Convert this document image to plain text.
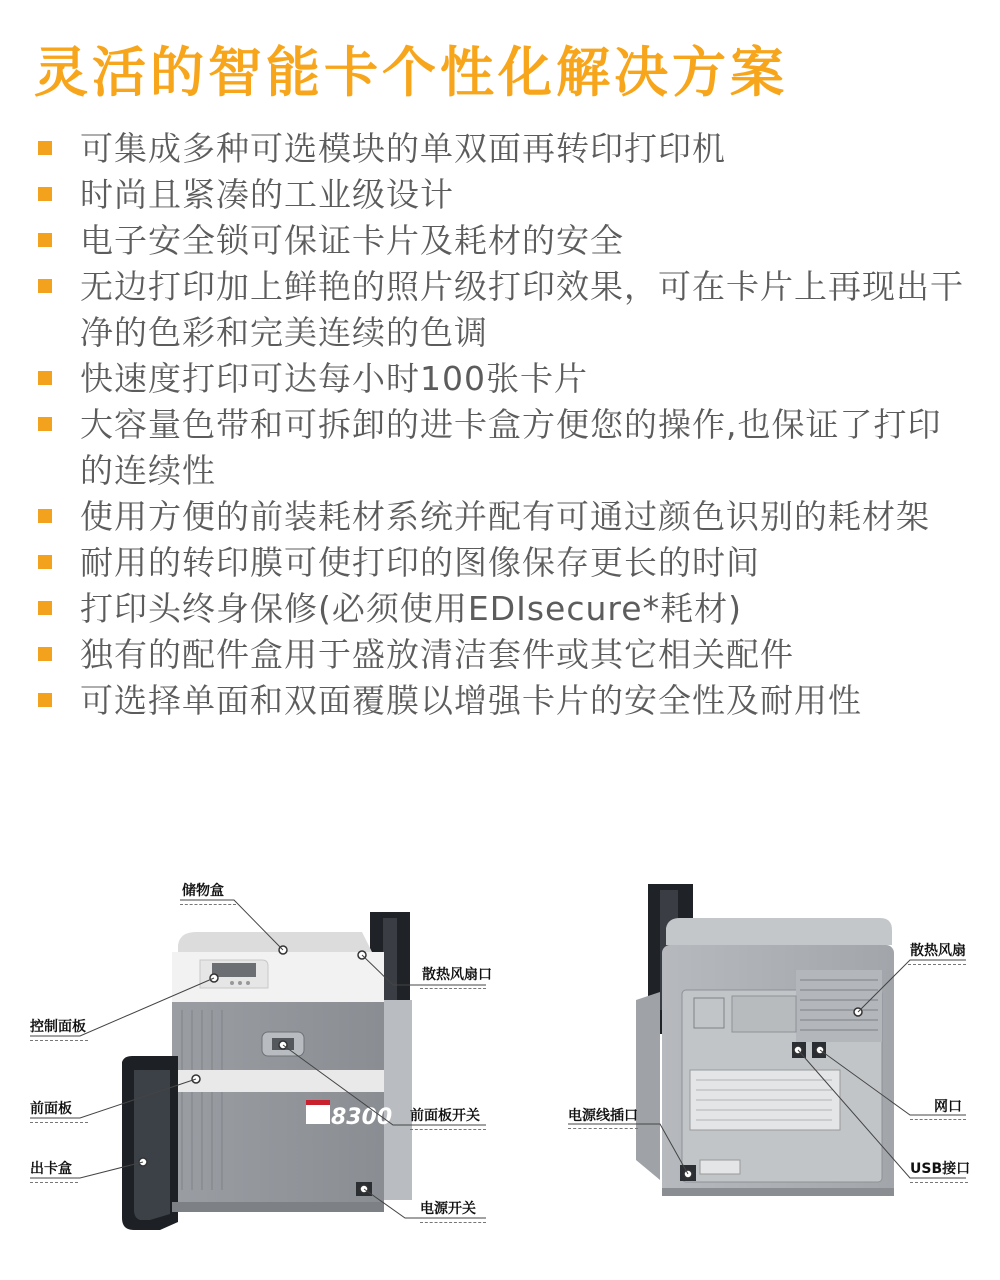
灵活的智能卡个性化解决方案
可集成多种可选模块的单双面再转印打印机
时尚且紧凑的工业级设计
电子安全锁可保证卡片及耗材的安全
无边打印加上鲜艳的照片级打印效果，可在卡片上再现出干净的色彩和完美连续的色调
快速度打印可达每小时100张卡片
大容量色带和可拆卸的进卡盒方便您的操作,也保证了打印的连续性
使用方便的前装耗材系统并配有可通过颜色识别的耗材架
耐用的转印膜可使打印的图像保存更长的时间
打印头终身保修(必须使用EDIsecure*耗材)
独有的配件盒用于盛放清洁套件或其它相关配件
可选择单面和双面覆膜以增强卡片的安全性及耐用性
8300
储物盒
散热风扇口
控制面板
前面板	前面板开关
出卡盒
电源开关
散热风扇
电源线插口
网口
USB接口
